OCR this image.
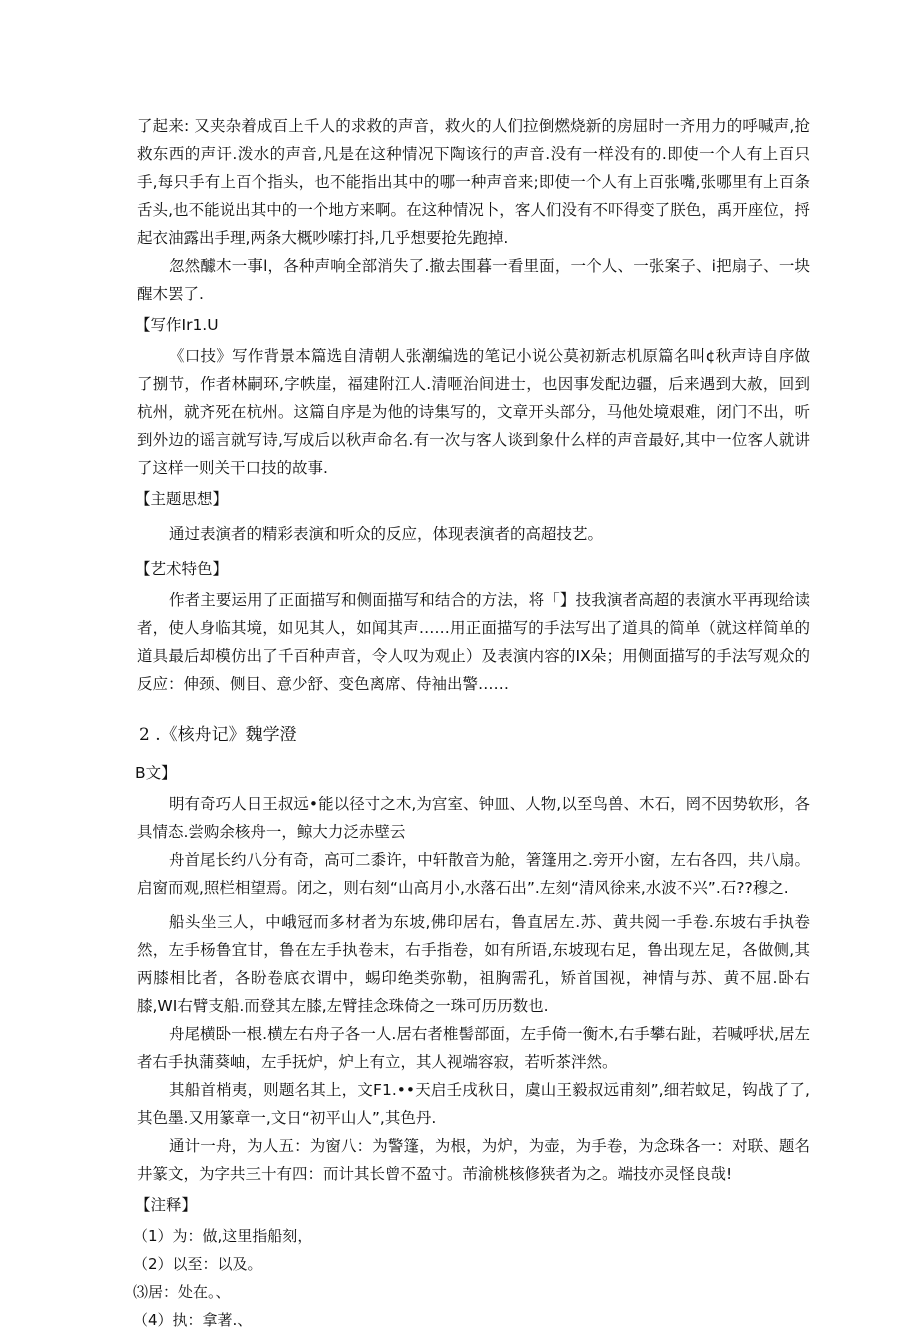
了起来: 又夹杂着成百上千人的求救的声音，救火的人们拉倒燃烧新的房屈时一齐用力的呼喊声,抢救东西的声讦.泼水的声音,凡是在这种情况下陶该行的声音.没有一样没有的.即使一个人有上百只手,每只手有上百个指头，也不能指出其中的哪一种声音来;即使一个人有上百张嘴,张哪里有上百条舌头,也不能说出其中的一个地方来啊。在这种情况卜，客人们没有不吓得变了朕色，禹开座位，捋起衣油露出手理,两条大概吵嗦打抖,几乎想要抢先跑掉.

忽然醵木一事l，各种声响全部消失了.撤去围暮一看里面，一个人、一张案子、i把扇子、一块醒木罢了.

【写作Ir1.U

《口技》写作背景本篇选自清朝人张潮编选的笔记小说公莫初新志机原篇名叫¢秋声诗自序做了捌节，作者林嗣环,字帙崖，福建附江人.清咂治间进士，也因事发配边疆，后来遇到大赦，回到杭州，就齐死在杭州。这篇自序是为他的诗集写的，文章开头部分，马他处境艰难，闭门不出，听到外边的谣言就写诗,写成后以秋声命名.有一次与客人谈到象什么样的声音最好,其中一位客人就讲了这样一则关干口技的故事.

【主题思想】

通过表演者的精彩表演和听众的反应，体现表演者的高超技艺。

【艺术特色】

作者主要运用了正面描写和侧面描写和结合的方法，将「】技我演者高超的表演水平再现给读者，使人身临其境，如见其人，如闻其声……用正面描写的手法写出了道具的简单（就这样简单的道具最后却模仿出了千百种声音，令人叹为观止）及表演内容的IX朵；用侧面描写的手法写观众的反应：伸颈、侧目、意少舒、变色离席、侍袖出警……

2 .《核舟记》魏学澄
B文】

明有奇巧人日王叔远•能以径寸之木,为宫室、钟皿、人物,以至鸟兽、木石，罔不因势软形，各具情态.尝购余核舟一，鲸大力泛赤壁云

舟首尾长约八分有奇，高可二黍许，中轩散音为舱，箸篷用之.旁开小窗，左右各四，共八扇。启窗而观,照栏相望焉。闭之，则右刻“山高月小,水落石出”.左刻“清风徐来,水波不兴”.石??穆之.

船头坐三人，中峨冠而多材者为东坡,佛印居右，鲁直居左.苏、黄共阅一手卷.东坡右手执卷然，左手杨鲁宜甘，鲁在左手执卷末，右手指卷，如有所语,东坡现右足，鲁出现左足，各做侧,其两膝相比者，各盼卷底衣谓中，蜴印绝类弥勒，祖胸需孔，矫首国视，神情与苏、黄不屈.卧右膝,WI右臂支船.而登其左膝,左臂挂念珠倚之一珠可历历数也.

舟尾横卧一根.横左右舟子各一人.居右者椎髻部面，左手倚一衡木,右手攀右趾，若喊呼状,居左者右手执蒲葵岫，左手抚炉，炉上有立，其人视端容寂，若听茶泮然。

其船首梢夷，则题名其上，文F1.••天启壬戌秋日，虞山王毅叔远甫刻”,细若蚊足，钩战了了,其色墨.又用篆章一,文日“初平山人”,其色丹.

通计一舟，为人五：为窗八：为警篷，为根，为炉，为壶，为手卷，为念珠各一：对联、题名井篆文，为字共三十有四：而计其长曾不盈寸。芾渝桃核修狭者为之。端技亦灵怪良哉!

【注释】
（1）为：做,这里指船刻，
（2）以至：以及。
⑶居：处在。、
（4）执：拿著.、
